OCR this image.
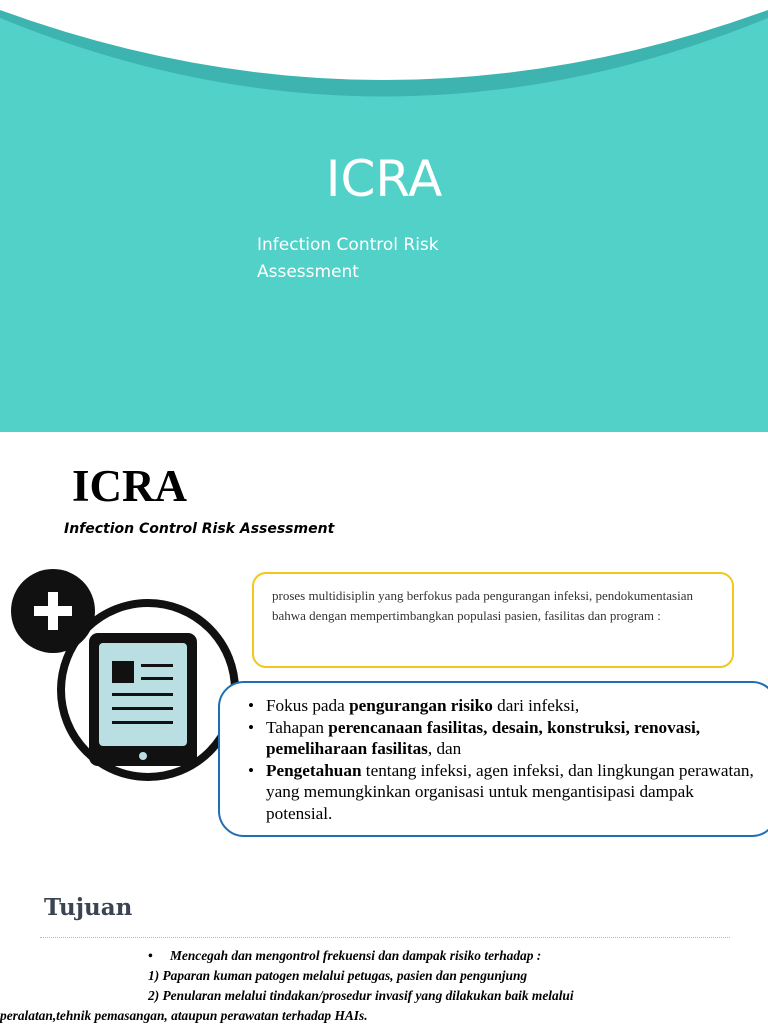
ICRA

Infection Control Risk Assessment

ICRA

Infection Control Risk Assessment

proses multidisiplin yang berfokus pada pengurangan infeksi, pendokumentasian bahwa dengan mempertimbangkan populasi pasien, fasilitas dan program :
• Fokus pada pengurangan risiko dari infeksi,
• Tahapan perencanaan fasilitas, desain, konstruksi, renovasi, pemeliharaan fasilitas, dan
• Pengetahuan tentang infeksi, agen infeksi, dan lingkungan perawatan, yang memungkinkan organisasi untuk mengantisipasi dampak potensial.
Tujuan
• Mencegah dan mengontrol frekuensi dan dampak risiko terhadap :
1) Paparan kuman patogen melalui petugas, pasien dan pengunjung
2) Penularan melalui tindakan/prosedur invasif yang dilakukan baik melalui
peralatan,tehnik pemasangan, ataupun perawatan terhadap HAIs.
